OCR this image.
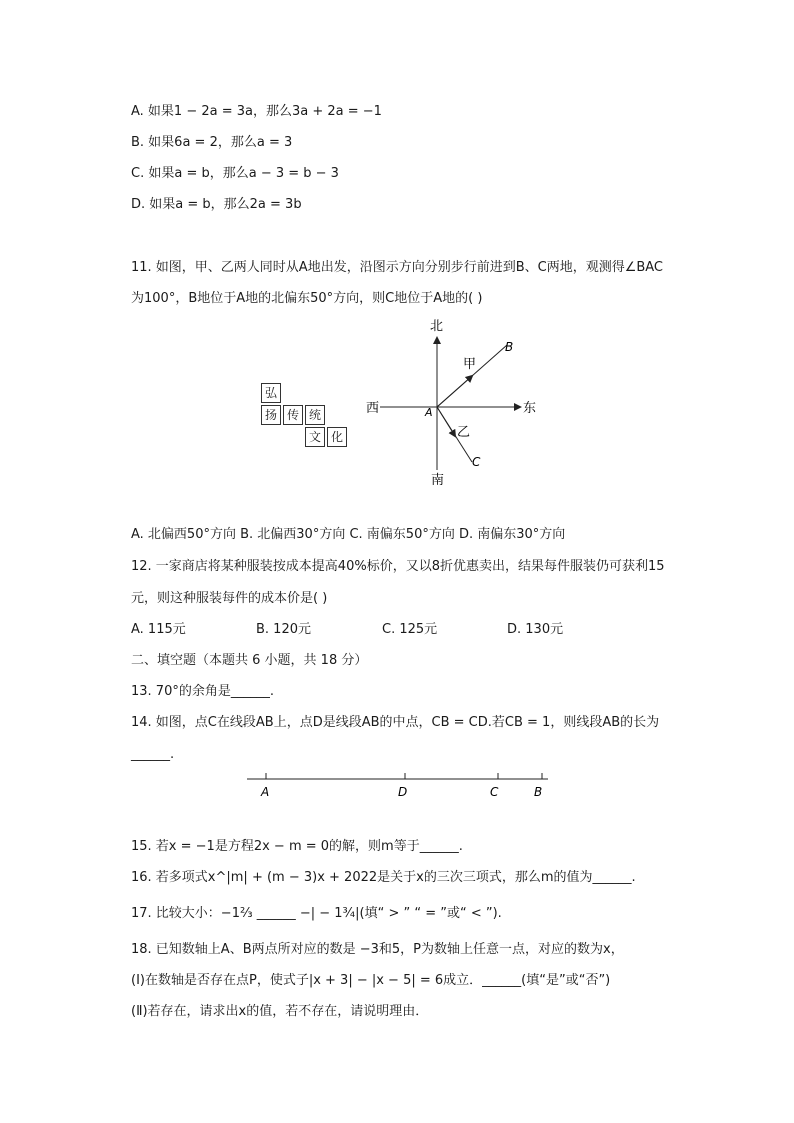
A. 如果1 − 2a = 3a，那么3a + 2a = −1
B. 如果6a = 2，那么a = 3
C. 如果a = b，那么a − 3 = b − 3
D. 如果a = b，那么2a = 3b
11. 如图，甲、乙两人同时从A地出发，沿图示方向分别步行前进到B、C两地，观测得∠BAC
为100°，B地位于A地的北偏东50°方向，则C地位于A地的( )
弘
扬 传 统
文 化
北
南
西	东
A
甲
乙
B
C
A. 北偏西50°方向 B. 北偏西30°方向 C. 南偏东50°方向 D. 南偏东30°方向
12. 一家商店将某种服装按成本提高40%标价，又以8折优惠卖出，结果每件服装仍可获利15
元，则这种服装每件的成本价是( )
A. 115元	B. 120元	C. 125元	D. 130元
二、填空题（本题共 6 小题，共 18 分）
13. 70°的余角是______.
14. 如图，点C在线段AB上，点D是线段AB的中点，CB = CD.若CB = 1，则线段AB的长为
______.
A	D	C	B
15. 若x = −1是方程2x − m = 0的解，则m等于______.
16. 若多项式x^|m| + (m − 3)x + 2022是关于x的三次三项式，那么m的值为______.
17. 比较大小：−1⅔ ______ −| − 1¾|(填“ > ” “ = ”或“ < ”).
18. 已知数轴上A、B两点所对应的数是 −3和5，P为数轴上任意一点，对应的数为x，
(Ⅰ)在数轴是否存在点P，使式子|x + 3| − |x − 5| = 6成立．______(填“是”或“否”)
(Ⅱ)若存在，请求出x的值，若不存在，请说明理由．
